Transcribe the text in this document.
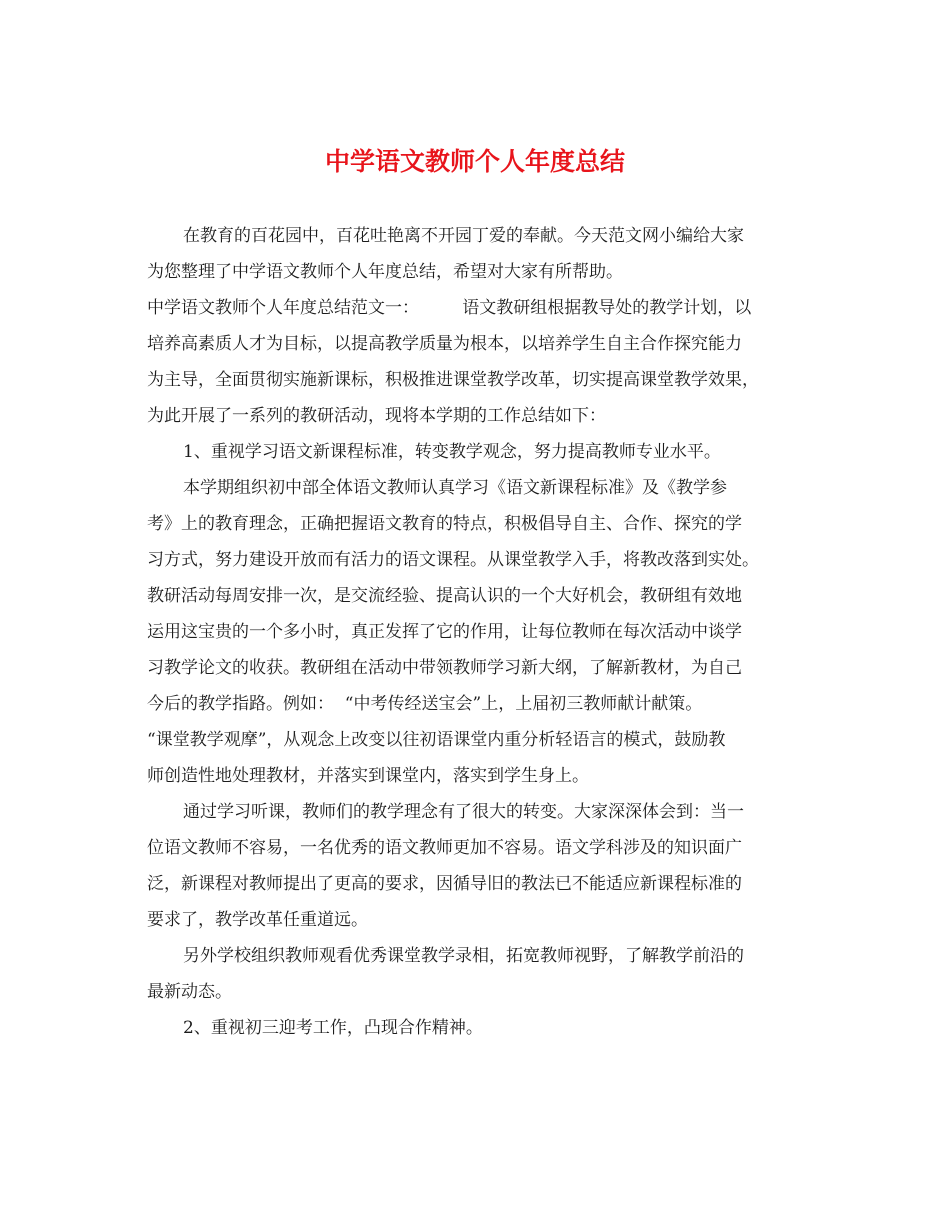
中学语文教师个人年度总结

在教育的百花园中，百花吐艳离不开园丁爱的奉献。今天范文网小编给大家

为您整理了中学语文教师个人年度总结，希望对大家有所帮助。

中学语文教师个人年度总结范文一：        语文教研组根据教导处的教学计划，以

培养高素质人才为目标，以提高教学质量为根本，以培养学生自主合作探究能力

为主导，全面贯彻实施新课标，积极推进课堂教学改革，切实提高课堂教学效果，

为此开展了一系列的教研活动，现将本学期的工作总结如下：

1、重视学习语文新课程标准，转变教学观念，努力提高教师专业水平。

本学期组织初中部全体语文教师认真学习《语文新课程标准》及《教学参

考》上的教育理念，正确把握语文教育的特点，积极倡导自主、合作、探究的学

习方式，努力建设开放而有活力的语文课程。从课堂教学入手，将教改落到实处。

教研活动每周安排一次，是交流经验、提高认识的一个大好机会，教研组有效地

运用这宝贵的一个多小时，真正发挥了它的作用，让每位教师在每次活动中谈学

习教学论文的收获。教研组在活动中带领教师学习新大纲，了解新教材，为自己

今后的教学指路。例如：  “中考传经送宝会”上，上届初三教师献计献策。

“课堂教学观摩”，从观念上改变以往初语课堂内重分析轻语言的模式，鼓励教

师创造性地处理教材，并落实到课堂内，落实到学生身上。

通过学习听课，教师们的教学理念有了很大的转变。大家深深体会到：当一

位语文教师不容易，一名优秀的语文教师更加不容易。语文学科涉及的知识面广

泛，新课程对教师提出了更高的要求，因循导旧的教法已不能适应新课程标准的

要求了，教学改革任重道远。

另外学校组织教师观看优秀课堂教学录相，拓宽教师视野，了解教学前沿的

最新动态。

2、重视初三迎考工作，凸现合作精神。
